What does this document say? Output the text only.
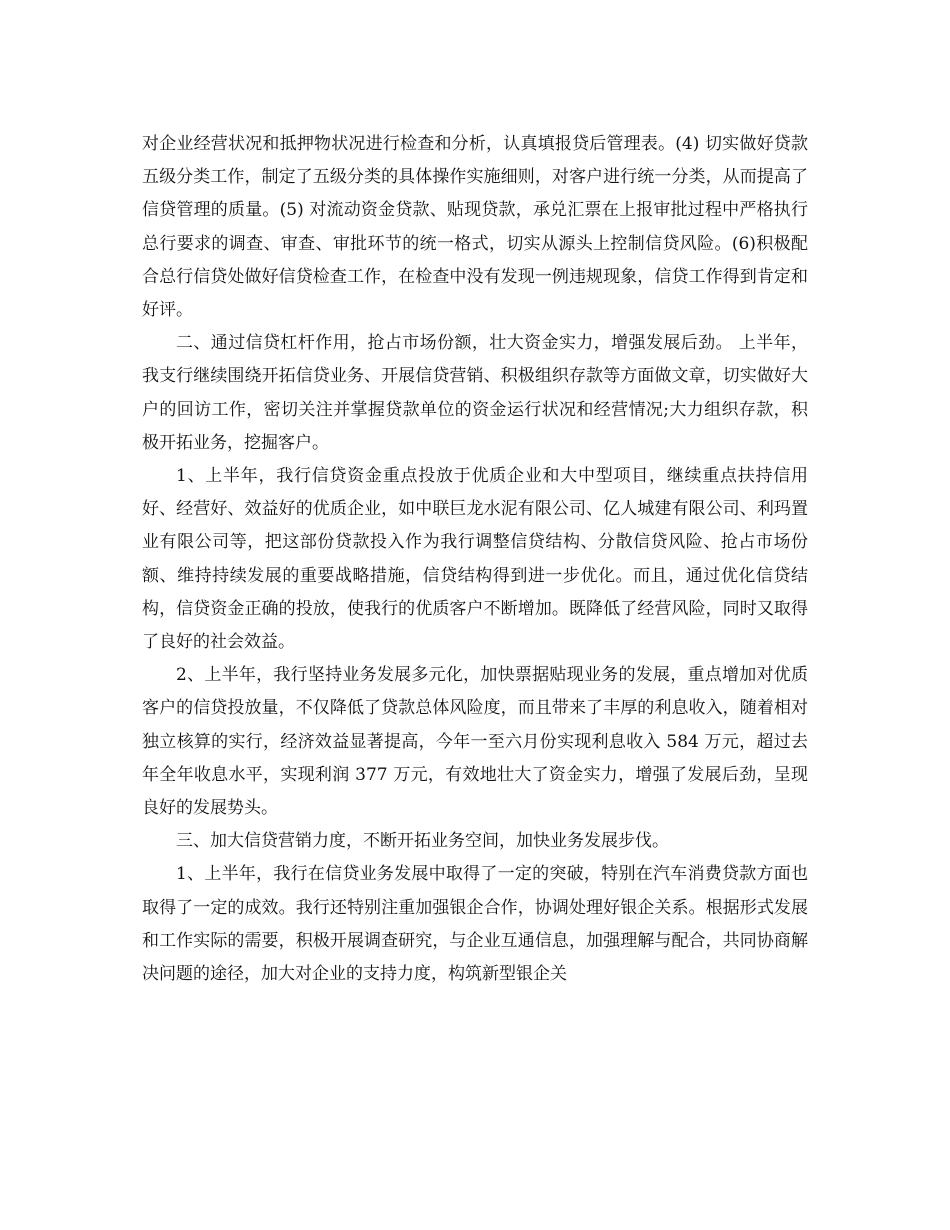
对企业经营状况和抵押物状况进行检查和分析，认真填报贷后管理表。(4) 切实做好贷款五级分类工作，制定了五级分类的具体操作实施细则，对客户进行统一分类，从而提高了信贷管理的质量。(5) 对流动资金贷款、贴现贷款，承兑汇票在上报审批过程中严格执行总行要求的调查、审查、审批环节的统一格式，切实从源头上控制信贷风险。(6)积极配合总行信贷处做好信贷检查工作，在检查中没有发现一例违规现象，信贷工作得到肯定和好评。

二、通过信贷杠杆作用，抢占市场份额，壮大资金实力，增强发展后劲。 上半年，我支行继续围绕开拓信贷业务、开展信贷营销、积极组织存款等方面做文章，切实做好大户的回访工作，密切关注并掌握贷款单位的资金运行状况和经营情况;大力组织存款，积极开拓业务，挖掘客户。

1、上半年，我行信贷资金重点投放于优质企业和大中型项目，继续重点扶持信用好、经营好、效益好的优质企业，如中联巨龙水泥有限公司、亿人城建有限公司、利玛置业有限公司等，把这部份贷款投入作为我行调整信贷结构、分散信贷风险、抢占市场份额、维持持续发展的重要战略措施，信贷结构得到进一步优化。而且，通过优化信贷结构，信贷资金正确的投放，使我行的优质客户不断增加。既降低了经营风险，同时又取得了良好的社会效益。

2、上半年，我行坚持业务发展多元化，加快票据贴现业务的发展，重点增加对优质客户的信贷投放量，不仅降低了贷款总体风险度，而且带来了丰厚的利息收入，随着相对独立核算的实行，经济效益显著提高，今年一至六月份实现利息收入 584 万元，超过去年全年收息水平，实现利润 377 万元，有效地壮大了资金实力，增强了发展后劲，呈现良好的发展势头。

三、加大信贷营销力度，不断开拓业务空间，加快业务发展步伐。

1、上半年，我行在信贷业务发展中取得了一定的突破，特别在汽车消费贷款方面也取得了一定的成效。我行还特别注重加强银企合作，协调处理好银企关系。根据形式发展和工作实际的需要，积极开展调查研究，与企业互通信息，加强理解与配合，共同协商解决问题的途径，加大对企业的支持力度，构筑新型银企关
